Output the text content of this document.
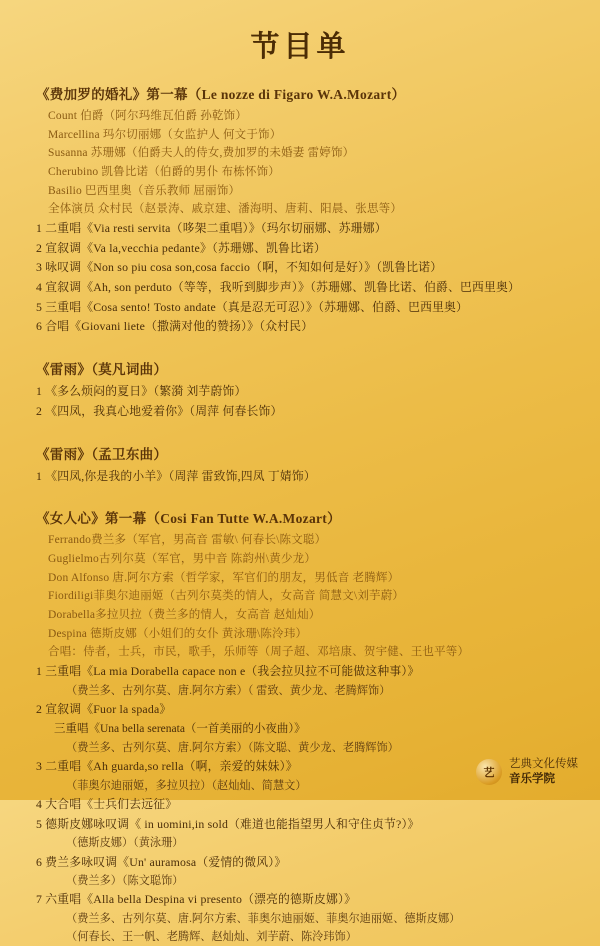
节目单
《费加罗的婚礼》第一幕（Le nozze di Figaro W.A.Mozart）
Count 伯爵（阿尔玛维瓦伯爵 孙乾饰）
Marcellina 玛尔切丽娜（女监护人 何文于饰）
Susanna 苏珊娜（伯爵夫人的侍女,费加罗的未婚妻 雷婷饰）
Cherubino 凯鲁比诺（伯爵的男仆 布栋怀饰）
Basilio 巴西里奥（音乐教师 屈丽饰）
全体演员 众村民（赵景涛、戚京建、潘海明、唐莉、阳晨、张思等）
1 二重唱《Via resti servita（哆架二重唱）》（玛尔切丽娜、苏珊娜）
2 宣叙调《Va la,vecchia pedante》（苏珊娜、凯鲁比诺）
3 咏叹调《Non so piu cosa son,cosa faccio（啊，不知如何是好）》（凯鲁比诺）
4 宣叙调《Ah, son perduto（等等，我听到脚步声）》（苏珊娜、凯鲁比诺、伯爵、巴西里奥）
5 三重唱《Cosa sento! Tosto andate（真是忍无可忍）》（苏珊娜、伯爵、巴西里奥）
6 合唱《Giovani liete（撒满对他的赞扬）》（众村民）
《雷雨》（莫凡词曲）
1 《多么烦闷的夏日》（繁漪 刘芋蔚饰）
2 《四凤，我真心地爱着你》（周萍 何春长饰）
《雷雨》（孟卫东曲）
1 《四凤,你是我的小羊》（周萍 雷致饰,四凤 丁婧饰）
《女人心》第一幕（Cosi Fan Tutte W.A.Mozart）
Ferrando费兰多（军官，男高音 雷敏\ 何春长\陈文聪）
Guglielmo古列尔莫（军官，男中音 陈韵州\黄少龙）
Don Alfonso 唐.阿尔方索（哲学家，军官们的朋友，男低音 老腾辉）
Fiordiligi菲奥尔迪丽姬（古列尔莫类的情人，女高音 简慧文\刘芋蔚）
Dorabella多拉贝拉（费兰多的情人，女高音 赵灿灿）
Despina 德斯皮娜（小姐们的女仆 黄泳珊\陈泠玮）
合唱：侍者，士兵，市民，歌手，乐师等（周子超、邓培康、贺宇健、王也平等）
1 三重唱《La mia Dorabella capace non e（我会拉贝拉不可能做这种事）》
（费兰多、古列尔莫、唐.阿尔方索）（ 雷致、黄少龙、老腾辉饰）
2 宣叙调《Fuor la spada》
三重唱《Una bella serenata（一首美丽的小夜曲）》
（费兰多、古列尔莫、唐.阿尔方索）（陈文聪、黄少龙、老腾辉饰）
3 二重唱《Ah guarda,so rella（啊，亲爱的妹妹）》
（菲奥尔迪丽姬，多拉贝拉）（赵灿灿、简慧文）
4 大合唱《士兵们去远征》
5 德斯皮娜咏叹调《 in uomini,in sold（难道也能指望男人和守住贞节?）》
（德斯皮娜）（黄泳珊）
6 费兰多咏叹调《Un' auramosa（爱情的微风）》
（费兰多）（陈文聪饰）
7 六重唱《Alla bella Despina vi presento（漂亮的德斯皮娜）》
（费兰多、古列尔莫、唐.阿尔方索、菲奥尔迪丽姬、菲奥尔迪丽姬、德斯皮娜）
（何春长、王一帆、老腾辉、赵灿灿、刘芋蔚、陈泠玮饰）
艺
艺典文化传媒
音乐学院
